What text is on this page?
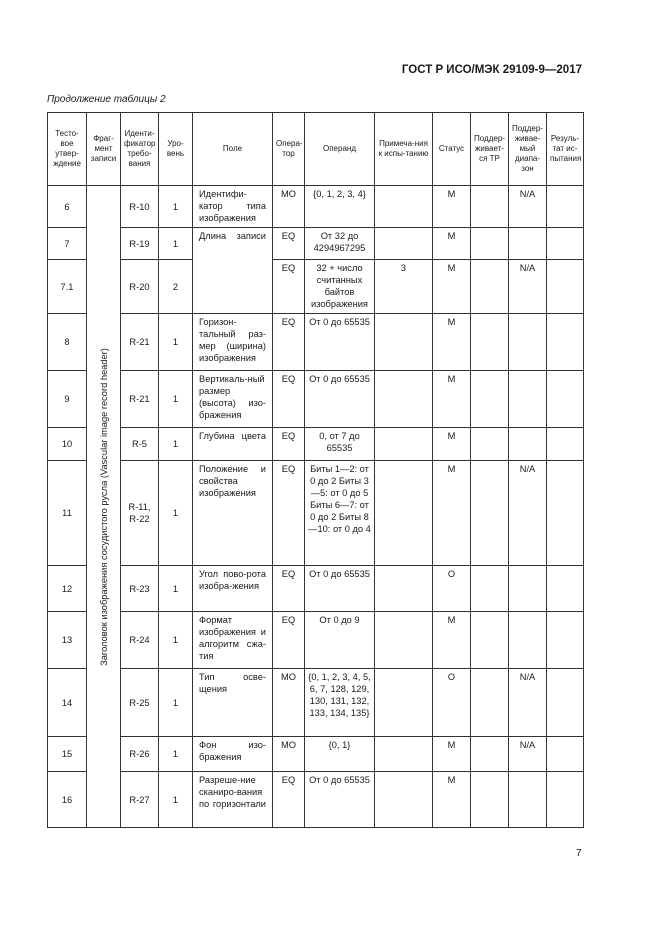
ГОСТ Р ИСО/МЭК 29109-9—2017
Продолжение таблицы 2
Тесто-вое утвер-ждение	Фраг-мент записи	Иденти-фикатор требо-вания	Уро-вень	Поле	Опера-тор	Операнд	Примеча-ния к испы-танию	Статус	Поддер-живает-ся ТР	Поддер-живае-мый диапа-зон	Резуль-тат ис-пытания
6	Заголовок изображения сосудистого русла (Vascular image record header)	R-10	1	Идентифи-катор типа изображения	MO	{0, 1, 2, 3, 4}		M		N/A	
7		R-19	1	Длина записи	EQ	От 32 до 4294967295		M			
7.1		R-20	2		EQ	32 + число считанных байтов изображения	3	M		N/A	
8		R-21	1	Горизон-тальный раз-мер (ширина) изображения	EQ	От 0 до 65535		M			
9		R-21	1	Вертикаль-ный размер (высота) изо-бражения	EQ	От 0 до 65535		M			
10		R-5	1	Глубина цвета	EQ	0, от 7 до 65535		M			
11		R-11, R-22	1	Положение и свойства изображения	EQ	Биты 1—2: от 0 до 2 Биты 3—5: от 0 до 5 Биты 6—7: от 0 до 2 Биты 8—10: от 0 до 4		M		N/A	
12		R-23	1	Угол пово-рота изобра-жения	EQ	От 0 до 65535		O			
13		R-24	1	Формат изображения и алгоритм сжа-тия	EQ	От 0 до 9		M			
14		R-25	1	Тип осве-щения	MO	{0, 1, 2, 3, 4, 5, 6, 7, 128, 129, 130, 131, 132, 133, 134, 135}		O		N/A	
15		R-26	1	Фон изо-бражения	MO	{0, 1}		M		N/A	
16		R-27	1	Разреше-ние сканиро-вания по горизонтали	EQ	От 0 до 65535		M			
7
